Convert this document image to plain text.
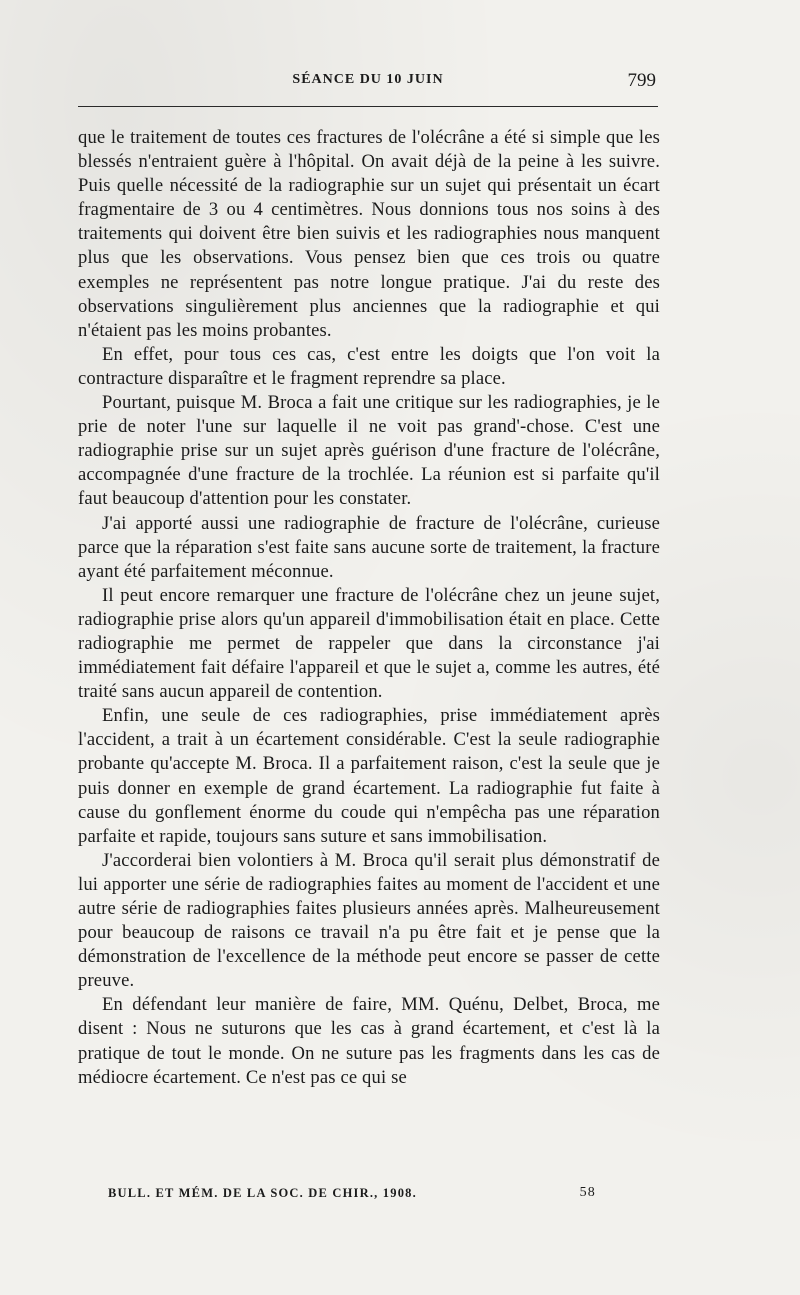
SÉANCE DU 10 JUIN	799

que le traitement de toutes ces fractures de l'olécrâne a été si simple que les blessés n'entraient guère à l'hôpital. On avait déjà de la peine à les suivre. Puis quelle nécessité de la radiographie sur un sujet qui présentait un écart fragmentaire de 3 ou 4 centimètres. Nous donnions tous nos soins à des traitements qui doivent être bien suivis et les radiographies nous manquent plus que les observations. Vous pensez bien que ces trois ou quatre exemples ne représentent pas notre longue pratique. J'ai du reste des observations singulièrement plus anciennes que la radiographie et qui n'étaient pas les moins probantes.

En effet, pour tous ces cas, c'est entre les doigts que l'on voit la contracture disparaître et le fragment reprendre sa place.

Pourtant, puisque M. Broca a fait une critique sur les radiographies, je le prie de noter l'une sur laquelle il ne voit pas grand'-chose. C'est une radiographie prise sur un sujet après guérison d'une fracture de l'olécrâne, accompagnée d'une fracture de la trochlée. La réunion est si parfaite qu'il faut beaucoup d'attention pour les constater.

J'ai apporté aussi une radiographie de fracture de l'olécrâne, curieuse parce que la réparation s'est faite sans aucune sorte de traitement, la fracture ayant été parfaitement méconnue.

Il peut encore remarquer une fracture de l'olécrâne chez un jeune sujet, radiographie prise alors qu'un appareil d'immobilisation était en place. Cette radiographie me permet de rappeler que dans la circonstance j'ai immédiatement fait défaire l'appareil et que le sujet a, comme les autres, été traité sans aucun appareil de contention.

Enfin, une seule de ces radiographies, prise immédiatement après l'accident, a trait à un écartement considérable. C'est la seule radiographie probante qu'accepte M. Broca. Il a parfaitement raison, c'est la seule que je puis donner en exemple de grand écartement. La radiographie fut faite à cause du gonflement énorme du coude qui n'empêcha pas une réparation parfaite et rapide, toujours sans suture et sans immobilisation.

J'accorderai bien volontiers à M. Broca qu'il serait plus démonstratif de lui apporter une série de radiographies faites au moment de l'accident et une autre série de radiographies faites plusieurs années après. Malheureusement pour beaucoup de raisons ce travail n'a pu être fait et je pense que la démonstration de l'excellence de la méthode peut encore se passer de cette preuve.

En défendant leur manière de faire, MM. Quénu, Delbet, Broca, me disent : Nous ne suturons que les cas à grand écartement, et c'est là la pratique de tout le monde. On ne suture pas les fragments dans les cas de médiocre écartement. Ce n'est pas ce qui se

BULL. ET MÉM. DE LA SOC. DE CHIR., 1908.	58
